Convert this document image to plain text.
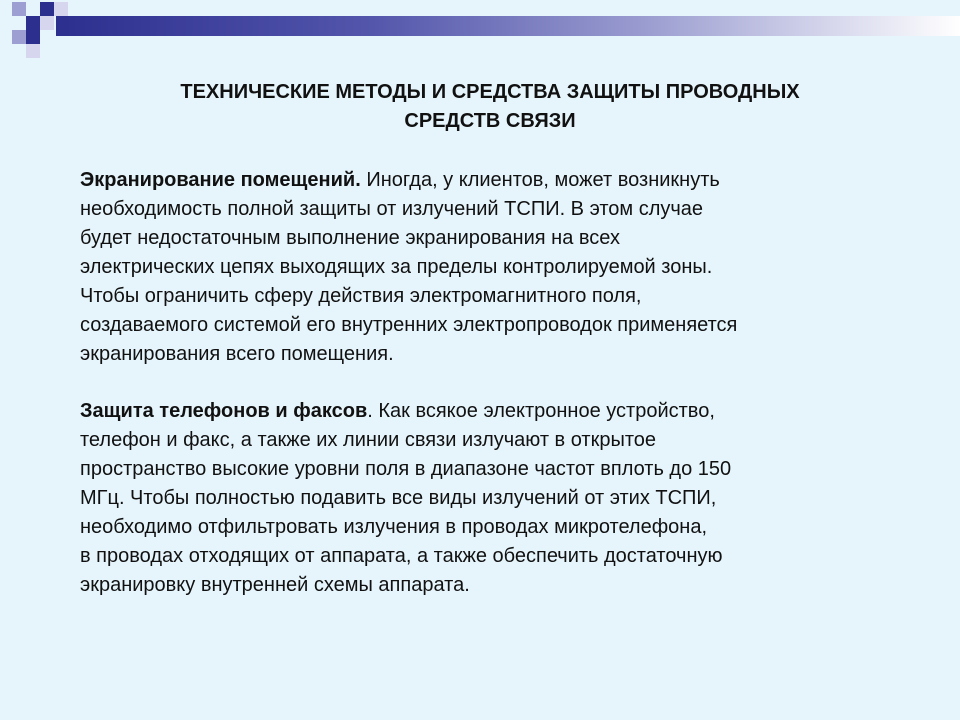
ТЕХНИЧЕСКИЕ МЕТОДЫ И СРЕДСТВА ЗАЩИТЫ ПРОВОДНЫХ
СРЕДСТВ СВЯЗИ

Экранирование помещений. Иногда, у клиентов, может возникнуть
необходимость полной защиты от излучений ТСПИ. В этом случае
будет недостаточным выполнение экранирования на всех
электрических цепях выходящих за пределы контролируемой зоны.
Чтобы ограничить сферу действия электромагнитного поля,
создаваемого системой его внутренних электропроводок применяется
экранирования всего помещения.

Защита телефонов и факсов. Как всякое электронное устройство,
телефон и факс, а также их линии связи излучают в открытое
пространство высокие уровни поля в диапазоне частот вплоть до 150
МГц. Чтобы полностью подавить все виды излучений от этих ТСПИ,
необходимо отфильтровать излучения в проводах микротелефона,
в проводах отходящих от аппарата, а также обеспечить достаточную
экранировку внутренней схемы аппарата.
